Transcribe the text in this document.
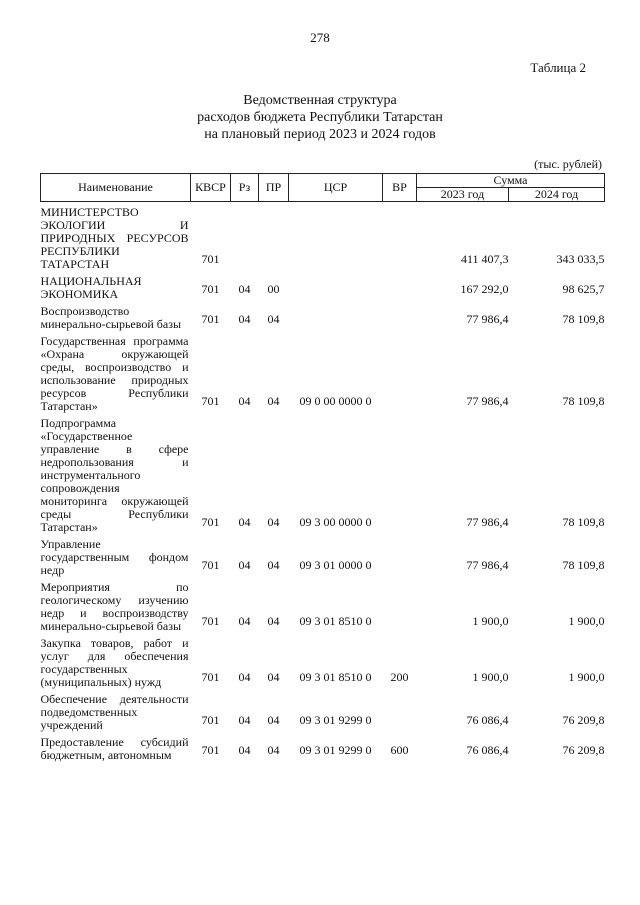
278
Таблица 2
Ведомственная структура
расходов бюджета Республики Татарстан
на плановый период 2023 и 2024 годов
(тыс. рублей)
Наименование	КВСР	Рз	ПР	ЦСР	ВР	Сумма	
						2023 год	2024 год
МИНИСТЕРСТВО ЭКОЛОГИИ И ПРИРОДНЫХ РЕСУРСОВ РЕСПУБЛИКИ ТАТАРСТАН	701					411 407,3	343 033,5
НАЦИОНАЛЬНАЯ ЭКОНОМИКА	701	04	00			167 292,0	98 625,7
Воспроизводство минерально-сырьевой базы	701	04	04			77 986,4	78 109,8
Государственная программа «Охрана окружающей среды, воспроизводство и использование природных ресурсов Республики Татарстан»	701	04	04	09 0 00 0000 0		77 986,4	78 109,8
Подпрограмма «Государственное управление в сфере недропользования и инструментального сопровождения мониторинга окружающей среды Республики Татарстан»	701	04	04	09 3 00 0000 0		77 986,4	78 109,8
Управление государственным фондом недр	701	04	04	09 3 01 0000 0		77 986,4	78 109,8
Мероприятия по геологическому изучению недр и воспроизводству минерально-сырьевой базы	701	04	04	09 3 01 8510 0		1 900,0	1 900,0
Закупка товаров, работ и услуг для обеспечения государственных (муниципальных) нужд	701	04	04	09 3 01 8510 0	200	1 900,0	1 900,0
Обеспечение деятельности подведомственных учреждений	701	04	04	09 3 01 9299 0		76 086,4	76 209,8
Предоставление субсидий бюджетным, автономным	701	04	04	09 3 01 9299 0	600	76 086,4	76 209,8
